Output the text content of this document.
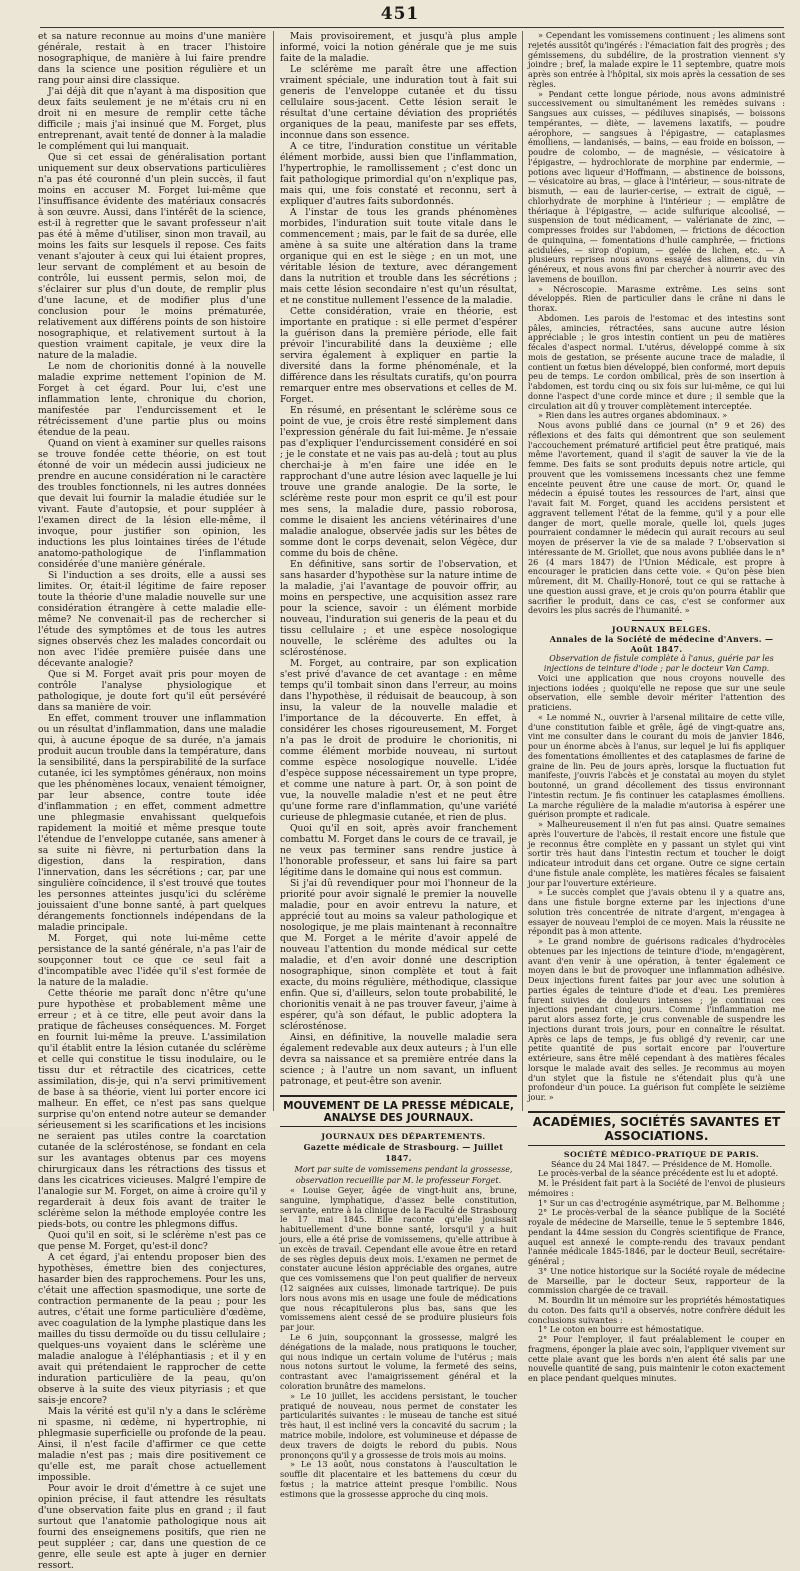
451

et sa nature reconnue au moins d'une manière générale, restait à en tracer l'histoire nosographique, de manière à lui faire prendre dans la science une position régulière et un rang pour ainsi dire classique.

J'ai déjà dit que n'ayant à ma disposition que deux faits seulement je ne m'étais cru ni en droit ni en mesure de remplir cette tâche difficile ; mais j'ai insinué que M. Forget, plus entreprenant, avait tenté de donner à la maladie le complément qui lui manquait.

Que si cet essai de généralisation portant uniquement sur deux observations particulières n'a pas été couronné d'un plein succès, il faut moins en accuser M. Forget lui-même que l'insuffisance évidente des matériaux consacrés à son œuvre. Aussi, dans l'intérêt de la science, est-il à regretter que le savant professeur n'ait pas été à même d'utiliser, sinon mon travail, au moins les faits sur lesquels il repose. Ces faits venant s'ajouter à ceux qui lui étaient propres, leur servant de complément et au besoin de contrôle, lui eussent permis, selon moi, de s'éclairer sur plus d'un doute, de remplir plus d'une lacune, et de modifier plus d'une conclusion pour le moins prématurée, relativement aux différens points de son histoire nosographique, et relativement surtout à la question vraiment capitale, je veux dire la nature de la maladie.

Le nom de chorionitis donné à la nouvelle maladie exprime nettement l'opinion de M. Forget à cet égard. Pour lui, c'est une inflammation lente, chronique du chorion, manifestée par l'endurcissement et le rétrécissement d'une partie plus ou moins étendue de la peau.

Quand on vient à examiner sur quelles raisons se trouve fondée cette théorie, on est tout étonné de voir un médecin aussi judicieux ne prendre en aucune considération ni le caractère des troubles fonctionnels, ni les autres données que devait lui fournir la maladie étudiée sur le vivant. Faute d'autopsie, et pour suppléer à l'examen direct de la lésion elle-même, il invoque, pour justifier son opinion, les inductions les plus lointaines tirées de l'étude anatomo-pathologique de l'inflammation considérée d'une manière générale.

Si l'induction a ses droits, elle a aussi ses limites. Or, était-il légitime de faire reposer toute la théorie d'une maladie nouvelle sur une considération étrangère à cette maladie elle-même? Ne convenait-il pas de rechercher si l'étude des symptômes et de tous les autres signes observés chez les malades concordait ou non avec l'idée première puisée dans une décevante analogie?

Que si M. Forget avait pris pour moyen de contrôle l'analyse physiologique et pathologique, je doute fort qu'il eût persévéré dans sa manière de voir.

En effet, comment trouver une inflammation ou un résultat d'inflammation, dans une maladie qui, à aucune époque de sa durée, n'a jamais produit aucun trouble dans la température, dans la sensibilité, dans la perspirabilité de la surface cutanée, ici les symptômes généraux, non moins que les phénomènes locaux, venaient témoigner, par leur absence, contre toute idée d'inflammation ; en effet, comment admettre une phlegmasie envahissant quelquefois rapidement la moitié et même presque toute l'étendue de l'enveloppe cutanée, sans amener à sa suite ni fièvre, ni perturbation dans la digestion, dans la respiration, dans l'innervation, dans les sécrétions ; car, par une singulière coïncidence, il s'est trouvé que toutes les personnes atteintes jusqu'ici du sclérème jouissaient d'une bonne santé, à part quelques dérangements fonctionnels indépendans de la maladie principale.

M. Forget, qui note lui-même cette persistance de la santé générale, n'a pas l'air de soupçonner tout ce que ce seul fait a d'incompatible avec l'idée qu'il s'est formée de la nature de la maladie.

Cette théorie me paraît donc n'être qu'une pure hypothèse et probablement même une erreur ; et à ce titre, elle peut avoir dans la pratique de fâcheuses conséquences. M. Forget en fournit lui-même la preuve. L'assimilation qu'il établit entre la lésion cutanée du sclérème et celle qui constitue le tissu inodulaire, ou le tissu dur et rétractile des cicatrices, cette assimilation, dis-je, qui n'a servi primitivement de base à sa théorie, vient lui porter encore ici malheur. En effet, ce n'est pas sans quelque surprise qu'on entend notre auteur se demander sérieusement si les scarifications et les incisions ne seraient pas utiles contre la coarctation cutanée de la sclérosténose, se fondant en cela sur les avantages obtenus par ces moyens chirurgicaux dans les rétractions des tissus et dans les cicatrices vicieuses. Malgré l'empire de l'analogie sur M. Forget, on aime à croire qu'il y regarderait à deux fois avant de traiter le sclérème selon la méthode employée contre les pieds-bots, ou contre les phlegmons diffus.

Quoi qu'il en soit, si le sclérème n'est pas ce que pense M. Forget, qu'est-il donc?

A cet égard, j'ai entendu proposer bien des hypothèses, émettre bien des conjectures, hasarder bien des rapprochemens. Pour les uns, c'était une affection spasmodique, une sorte de contraction permanente de la peau ; pour les autres, c'était une forme particulière d'œdème, avec coagulation de la lymphe plastique dans les mailles du tissu dermoïde ou du tissu cellulaire ; quelques-uns voyaient dans le sclérème une maladie analogue à l'éléphantiasis ; et il y en avait qui prétendaient le rapprocher de cette induration particulière de la peau, qu'on observe à la suite des vieux pityriasis ; et que sais-je encore?

Mais la vérité est qu'il n'y a dans le sclérème ni spasme, ni œdème, ni hypertrophie, ni phlegmasie superficielle ou profonde de la peau. Ainsi, il n'est facile d'affirmer ce que cette maladie n'est pas ; mais dire positivement ce qu'elle est, me paraît chose actuellement impossible.

Pour avoir le droit d'émettre à ce sujet une opinion précise, il faut attendre les résultats d'une observation faite plus en grand ; il faut surtout que l'anatomie pathologique nous ait fourni des enseignemens positifs, que rien ne peut suppléer ; car, dans une question de ce genre, elle seule est apte à juger en dernier ressort.

Mais provisoirement, et jusqu'à plus ample informé, voici la notion générale que je me suis faite de la maladie.

Le sclérème me paraît être une affection vraiment spéciale, une induration tout à fait sui generis de l'enveloppe cutanée et du tissu cellulaire sous-jacent. Cette lésion serait le résultat d'une certaine déviation des propriétés organiques de la peau, manifeste par ses effets, inconnue dans son essence.

A ce titre, l'induration constitue un véritable élément morbide, aussi bien que l'inflammation, l'hypertrophie, le ramollissement ; c'est donc un fait pathologique primordial qu'on n'explique pas, mais qui, une fois constaté et reconnu, sert à expliquer d'autres faits subordonnés.

A l'instar de tous les grands phénomènes morbides, l'induration suit toute vitale dans le commencement ; mais, par le fait de sa durée, elle amène à sa suite une altération dans la trame organique qui en est le siège ; en un mot, une véritable lésion de texture, avec dérangement dans la nutrition et trouble dans les sécrétions ; mais cette lésion secondaire n'est qu'un résultat, et ne constitue nullement l'essence de la maladie.

Cette considération, vraie en théorie, est importante en pratique : si elle permet d'espérer la guérison dans la première période, elle fait prévoir l'incurabilité dans la deuxième ; elle servira également à expliquer en partie la diversité dans la forme phénoménale, et la différence dans les résultats curatifs, qu'on pourra remarquer entre mes observations et celles de M. Forget.

En résumé, en présentant le sclérème sous ce point de vue, je crois être resté simplement dans l'expression générale du fait lui-même. Je n'essaie pas d'expliquer l'endurcissement considéré en soi ; je le constate et ne vais pas au-delà ; tout au plus cherchai-je à m'en faire une idée en le rapprochant d'une autre lésion avec laquelle je lui trouve une grande analogie. De la sorte, le sclérème reste pour mon esprit ce qu'il est pour mes sens, la maladie dure, passio roborosa, comme le disaient les anciens vétérinaires d'une maladie analogue, observée jadis sur les bêtes de somme dont le corps devenait, selon Végèce, dur comme du bois de chêne.

En définitive, sans sortir de l'observation, et sans hasarder d'hypothèse sur la nature intime de la maladie, j'ai l'avantage de pouvoir offrir, au moins en perspective, une acquisition assez rare pour la science, savoir : un élément morbide nouveau, l'induration sui generis de la peau et du tissu cellulaire ; et une espèce nosologique nouvelle, le sclérème des adultes ou la sclérosténose.

M. Forget, au contraire, par son explication s'est privé d'avance de cet avantage : en même temps qu'il tombait sinon dans l'erreur, au moins dans l'hypothèse, il réduisait de beaucoup, à son insu, la valeur de la nouvelle maladie et l'importance de la découverte. En effet, à considérer les choses rigoureusement, M. Forget n'a pas le droit de produire le chorionitis, ni comme élément morbide nouveau, ni surtout comme espèce nosologique nouvelle. L'idée d'espèce suppose nécessairement un type propre, et comme une nature à part. Or, à son point de vue, la nouvelle maladie n'est et ne peut être qu'une forme rare d'inflammation, qu'une variété curieuse de phlegmasie cutanée, et rien de plus.

Quoi qu'il en soit, après avoir franchement combattu M. Forget dans le cours de ce travail, je ne veux pas terminer sans rendre justice à l'honorable professeur, et sans lui faire sa part légitime dans le domaine qui nous est commun.

Si j'ai dû revendiquer pour moi l'honneur de la priorité pour avoir signalé le premier la nouvelle maladie, pour en avoir entrevu la nature, et apprécié tout au moins sa valeur pathologique et nosologique, je me plais maintenant à reconnaître que M. Forget a le mérite d'avoir appelé de nouveau l'attention du monde médical sur cette maladie, et d'en avoir donné une description nosographique, sinon complète et tout à fait exacte, du moins régulière, méthodique, classique enfin. Que si, d'ailleurs, selon toute probabilité, le chorionitis venait à ne pas trouver faveur, j'aime à espérer, qu'à son défaut, le public adoptera la sclérosténose.

Ainsi, en définitive, la nouvelle maladie sera également redevable aux deux auteurs ; à l'un elle devra sa naissance et sa première entrée dans la science ; à l'autre un nom savant, un influent patronage, et peut-être son avenir.

MOUVEMENT DE LA PRESSE MÉDICALE, ANALYSE DES JOURNAUX.

JOURNAUX DES DÉPARTEMENTS.

Gazette médicale de Strasbourg. — Juillet 1847.

Mort par suite de vomissemens pendant la grossesse, observation recueillie par M. le professeur Forget.

« Louise Geyer, âgée de vingt-huit ans, brune, sanguine, lymphatique, d'assez belle constitution, servante, entre à la clinique de la Faculté de Strasbourg le 17 mai 1845. Elle raconte qu'elle jouissait habituellement d'une bonne santé, lorsqu'il y a huit jours, elle a été prise de vomissemens, qu'elle attribue à un excès de travail. Cependant elle avoue être en retard de ses règles depuis deux mois. L'examen ne permet de constater aucune lésion appréciable des organes, autre que ces vomissemens que l'on peut qualifier de nerveux (12 saignées aux cuisses, limonade tartrique). De puis lors nous avons mis en usage une foule de médications que nous récapitulerons plus bas, sans que les vomissemens aient cessé de se produire plusieurs fois par jour.

Le 6 juin, soupçonnant la grossesse, malgré les dénégations de la malade, nous pratiquons le toucher, qui nous indique un certain volume de l'utérus ; mais nous notons surtout le volume, la fermeté des seins, contrastant avec l'amaigrissement général et la coloration brunâtre des mamelons.

» Le 10 juillet, les accidens persistant, le toucher pratiqué de nouveau, nous permet de constater les particularités suivantes : le museau de tanche est situé très haut, il est incliné vers la concavité du sacrum ; la matrice mobile, indolore, est volumineuse et dépasse de deux travers de doigts le rebord du pubis. Nous prononçons qu'il y a grossesse de trois mois au moins.

» Le 13 août, nous constatons à l'auscultation le souffle dit placentaire et les battemens du cœur du fœtus ; la matrice atteint presque l'ombilic. Nous estimons que la grossesse approche du cinq mois.

» Cependant les vomissemens continuent ; les alimens sont rejetés aussitôt qu'ingérés : l'émaciation fait des progrès ; des gémissemens, du subdélire, de la prostration viennent s'y joindre ; bref, la malade expire le 11 septembre, quatre mois après son entrée à l'hôpital, six mois après la cessation de ses règles.

» Pendant cette longue période, nous avons administré successivement ou simultanément les remèdes suivans : Sangsues aux cuisses, — pédiluves sinapisés, — boissons tempérantes, — diète, — lavemens laxatifs, — poudre aérophore, — sangsues à l'épigastre, — cataplasmes émolliens, — landanisés, — bains, — eau froide en boisson, — poudre de colombo, — de magnésie, — vésicatoire à l'épigastre, — hydrochlorate de morphine par endermie, — potions avec liqueur d'Hoffmann, — abstinence de boissons, — vésicatoire au bras, — glace à l'intérieur, — sous-nitrate de bismuth, — eau de laurier-cerise, — extrait de ciguë, — chlorhydrate de morphine à l'intérieur ; — emplâtre de thériaque à l'épigastre, — acide sulfurique alcoolisé, — suspension de tout médicament, — valérianate de zinc, — compresses froides sur l'abdomen, — frictions de décoction de quinquina, — fomentations d'huile camphrée, — frictions acidulées, — sirop d'opium, — gelée de lichen, etc. — A plusieurs reprises nous avons essayé des alimens, du vin généreux, et nous avons fini par chercher à nourrir avec des lavemens de bouillon.

» Nécroscopie. Marasme extrême. Les seins sont développés. Rien de particulier dans le crâne ni dans le thorax.

Abdomen. Les parois de l'estomac et des intestins sont pâles, amincies, rétractées, sans aucune autre lésion appréciable ; le gros intestin contient un peu de matières fécales d'aspect normal. L'utérus, développé comme à six mois de gestation, se présente aucune trace de maladie, il contient un fœtus bien développé, bien conformé, mort depuis peu de temps. Le cordon ombilical, près de son insertion à l'abdomen, est tordu cinq ou six fois sur lui-même, ce qui lui donne l'aspect d'une corde mince et dure ; il semble que la circulation ait dû y trouver complètement interceptée.

» Rien dans les autres organes abdominaux. »

Nous avons publié dans ce journal (n° 9 et 26) des réflexions et des faits qui démontrent que son seulement l'accouchement prématuré artificiel peut être pratiqué, mais même l'avortement, quand il s'agit de sauver la vie de la femme. Des faits se sont produits depuis notre article, qui prouvent que les vomissemens incessants chez une femme enceinte peuvent être une cause de mort. Or, quand le médecin a épuisé toutes les ressources de l'art, ainsi que l'avait fait M. Forget, quand les accidens persistent et aggravent tellement l'état de la femme, qu'il y a pour elle danger de mort, quelle morale, quelle loi, quels juges pourraient condamner le médecin qui aurait recours au seul moyen de préserver la vie de sa malade ? L'observation si intéressante de M. Griollet, que nous avons publiée dans le n° 26 (4 mars 1847) de l'Union Médicale, est propre à encourager le praticien dans cette voie. « Qu'on pèse bien mûrement, dit M. Chailly-Honoré, tout ce qui se rattache à une question aussi grave, et je crois qu'on pourra établir que sacrifier le produit, dans ce cas, c'est se conformer aux devoirs les plus sacrés de l'humanité. »

JOURNAUX BELGES.

Annales de la Société de médecine d'Anvers. — Août 1847.

Observation de fistule complète à l'anus, guérie par les injections de teinture d'iode ; par le docteur Van Camp.

Voici une application que nous croyons nouvelle des injections iodées ; quoiqu'elle ne repose que sur une seule observation, elle semble devoir mériter l'attention des praticiens.

« Le nommé N., ouvrier à l'arsenal militaire de cette ville, d'une constitution faible et grêle, âgé de vingt-quatre ans, vint me consulter dans le courant du mois de janvier 1846, pour un énorme abcès à l'anus, sur lequel je lui fis appliquer des fomentations émollientes et des cataplasmes de farine de graine de lin. Peu de jours après, lorsque la fluctuation fut manifeste, j'ouvris l'abcès et je constatai au moyen du stylet boutonné, un grand décollement des tissus environnant l'intestin rectum. Je fis continuer les cataplasmes émolliens. La marche régulière de la maladie m'autorisa à espérer une guérison prompte et radicale.

» Malheureusement il n'en fut pas ainsi. Quatre semaines après l'ouverture de l'abcès, il restait encore une fistule que je reconnus être complète en y passant un stylet qui vint sortir très haut dans l'intestin rectum et toucher le doigt indicateur introduit dans cet organe. Outre ce signe certain d'une fistule anale complète, les matières fécales se faisaient jour par l'ouverture extérieure.

» Le succès complet que j'avais obtenu il y a quatre ans, dans une fistule borgne externe par les injections d'une solution très concentrée de nitrate d'argent, m'engagea à essayer de nouveau l'emploi de ce moyen. Mais la réussite ne répondit pas à mon attente.

» Le grand nombre de guérisons radicales d'hydrocèles obtenues par les injections de teinture d'iode, m'engagèrent, avant d'en venir à une opération, à tenter également ce moyen dans le but de provoquer une inflammation adhésive. Deux injections furent faites par jour avec une solution à parties égales de teinture d'iode et d'eau. Les premières furent suivies de douleurs intenses ; je continuai ces injections pendant cinq jours. Comme l'inflammation me parut alors assez forte, je crus convenable de suspendre les injections durant trois jours, pour en connaître le résultat. Après ce laps de temps, je fus obligé d'y revenir, car une petite quantité de pus sortait encore par l'ouverture extérieure, sans être mêlé cependant à des matières fécales lorsque le malade avait des selles. Je recommus au moyen d'un stylet que la fistule ne s'étendait plus qu'à une profondeur d'un pouce. La guérison fut complète le seizième jour. »

ACADÉMIES, SOCIÉTÉS SAVANTES ET ASSOCIATIONS.

SOCIÉTÉ MÉDICO-PRATIQUE DE PARIS.

Séance du 24 Mai 1847. — Présidence de M. Homolle.

Le procès-verbal de la séance précédente est lu et adopté.

M. le Président fait part à la Société de l'envoi de plusieurs mémoires :

1° Sur un cas d'ectrogénie asymétrique, par M. Belhomme ;

2° Le procès-verbal de la séance publique de la Société royale de médecine de Marseille, tenue le 5 septembre 1846, pendant la 44me session du Congrès scientifique de France, auquel est annexé le compte-rendu des travaux pendant l'année médicale 1845-1846, par le docteur Beuil, secrétaire-général ;

3° Une notice historique sur la Société royale de médecine de Marseille, par le docteur Seux, rapporteur de la commission chargée de ce travail.

M. Bourdin lit un mémoire sur les propriétés hémostatiques du coton. Des faits qu'il a observés, notre confrère déduit les conclusions suivantes :

1° Le coton en bourre est hémostatique.

2° Pour l'employer, il faut préalablement le couper en fragmens, éponger la plaie avec soin, l'appliquer vivement sur cette plaie avant que les bords n'en aient été salis par une nouvelle quantité de sang, puis maintenir le coton exactement en place pendant quelques minutes.
